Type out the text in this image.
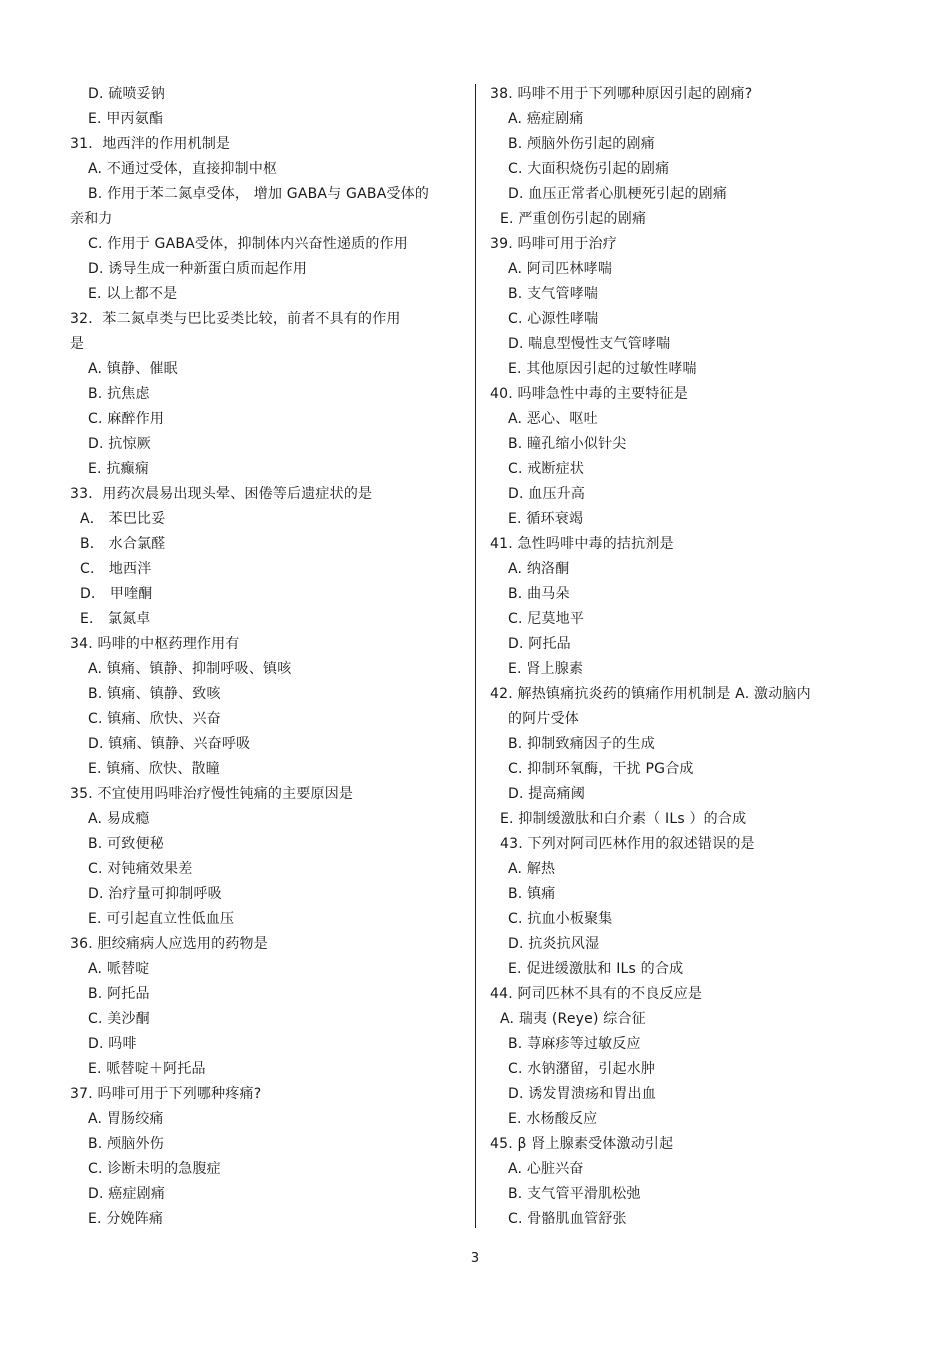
D. 硫喷妥钠
E. 甲丙氨酯
31．地西泮的作用机制是
A. 不通过受体，直接抑制中枢
B. 作用于苯二氮卓受体， 增加 GABA与 GABA受体的
亲和力
C. 作用于 GABA受体，抑制体内兴奋性递质的作用
D. 诱导生成一种新蛋白质而起作用
E. 以上都不是
32．苯二氮卓类与巴比妥类比较，前者不具有的作用
是
A. 镇静、催眠
B. 抗焦虑
C. 麻醉作用
D. 抗惊厥
E. 抗癫痫
33．用药次晨易出现头晕、困倦等后遗症状的是
A． 苯巴比妥
B． 水合氯醛
C． 地西泮
D． 甲喹酮
E． 氯氮卓
34. 吗啡的中枢药理作用有
A. 镇痛、镇静、抑制呼吸、镇咳
B. 镇痛、镇静、致咳
C. 镇痛、欣快、兴奋
D. 镇痛、镇静、兴奋呼吸
E. 镇痛、欣快、散瞳
35. 不宜使用吗啡治疗慢性钝痛的主要原因是
A. 易成瘾
B. 可致便秘
C. 对钝痛效果差
D. 治疗量可抑制呼吸
E. 可引起直立性低血压
36. 胆绞痛病人应选用的药物是
A. 哌替啶
B. 阿托品
C. 美沙酮
D. 吗啡
E. 哌替啶＋阿托品
37. 吗啡可用于下列哪种疼痛?
A. 胃肠绞痛
B. 颅脑外伤
C. 诊断未明的急腹症
D. 癌症剧痛
E. 分娩阵痛
38. 吗啡不用于下列哪种原因引起的剧痛?
A. 癌症剧痛
B. 颅脑外伤引起的剧痛
C. 大面积烧伤引起的剧痛
D. 血压正常者心肌梗死引起的剧痛
E. 严重创伤引起的剧痛
39. 吗啡可用于治疗
A. 阿司匹林哮喘
B. 支气管哮喘
C. 心源性哮喘
D. 喘息型慢性支气管哮喘
E. 其他原因引起的过敏性哮喘
40. 吗啡急性中毒的主要特征是
A. 恶心、呕吐
B. 瞳孔缩小似针尖
C. 戒断症状
D. 血压升高
E. 循环衰竭
41. 急性吗啡中毒的拮抗剂是
A. 纳洛酮
B. 曲马朵
C. 尼莫地平
D. 阿托品
E. 肾上腺素
42. 解热镇痛抗炎药的镇痛作用机制是 A. 激动脑内
的阿片受体
B. 抑制致痛因子的生成
C. 抑制环氧酶，干扰 PG合成
D. 提高痛阈
E. 抑制缓激肽和白介素（ ILs ）的合成
43. 下列对阿司匹林作用的叙述错误的是
A. 解热
B. 镇痛
C. 抗血小板聚集
D. 抗炎抗风湿
E. 促进缓激肽和 ILs 的合成
44. 阿司匹林不具有的不良反应是
A. 瑞夷 (Reye) 综合征
B. 荨麻疹等过敏反应
C. 水钠潴留，引起水肿
D. 诱发胃溃疡和胃出血
E. 水杨酸反应
45. β 肾上腺素受体激动引起
A. 心脏兴奋
B. 支气管平滑肌松弛
C. 骨骼肌血管舒张
3
